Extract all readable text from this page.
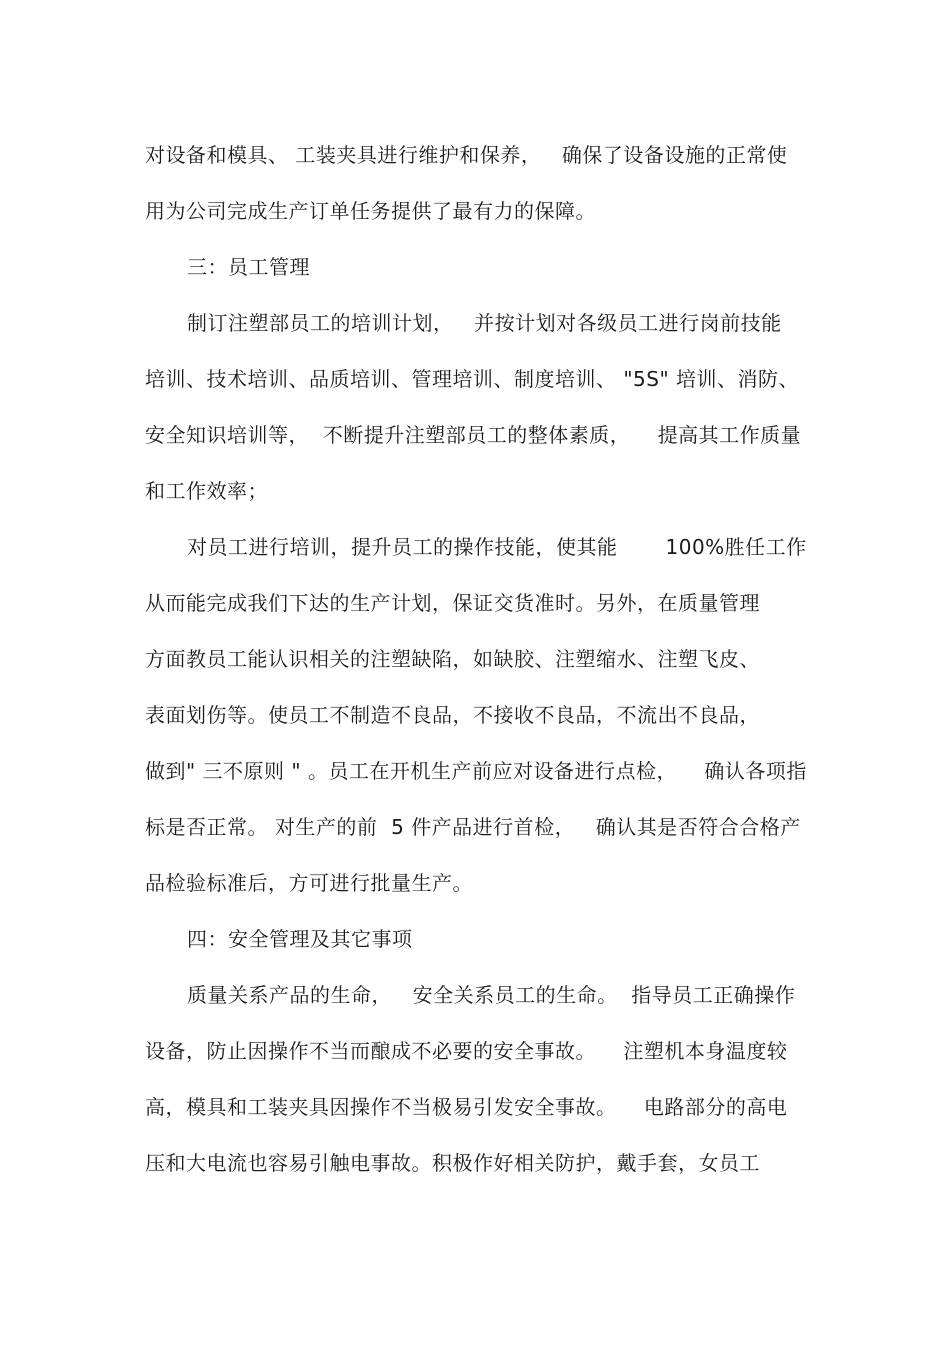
对设备和模具、 工装夹具进行维护和保养，   确保了设备设施的正常使
用为公司完成生产订单任务提供了最有力的保障。
三：员工管理
制订注塑部员工的培训计划，   并按计划对各级员工进行岗前技能
培训、技术培训、品质培训、管理培训、制度培训、 "5S" 培训、消防、
安全知识培训等，  不断提升注塑部员工的整体素质，    提高其工作质量
和工作效率；
对员工进行培训，提升员工的操作技能，使其能       100%胜任工作
从而能完成我们下达的生产计划，保证交货准时。另外，在质量管理
方面教员工能认识相关的注塑缺陷，如缺胶、注塑缩水、注塑飞皮、
表面划伤等。使员工不制造不良品，不接收不良品，不流出不良品，
做到" 三不原则 " 。员工在开机生产前应对设备进行点检，    确认各项指
标是否正常。 对生产的前  5 件产品进行首检，   确认其是否符合合格产
品检验标准后，方可进行批量生产。
四：安全管理及其它事项
质量关系产品的生命，   安全关系员工的生命。  指导员工正确操作
设备，防止因操作不当而酿成不必要的安全事故。    注塑机本身温度较
高，模具和工装夹具因操作不当极易引发安全事故。    电路部分的高电
压和大电流也容易引触电事故。积极作好相关防护，戴手套，女员工
